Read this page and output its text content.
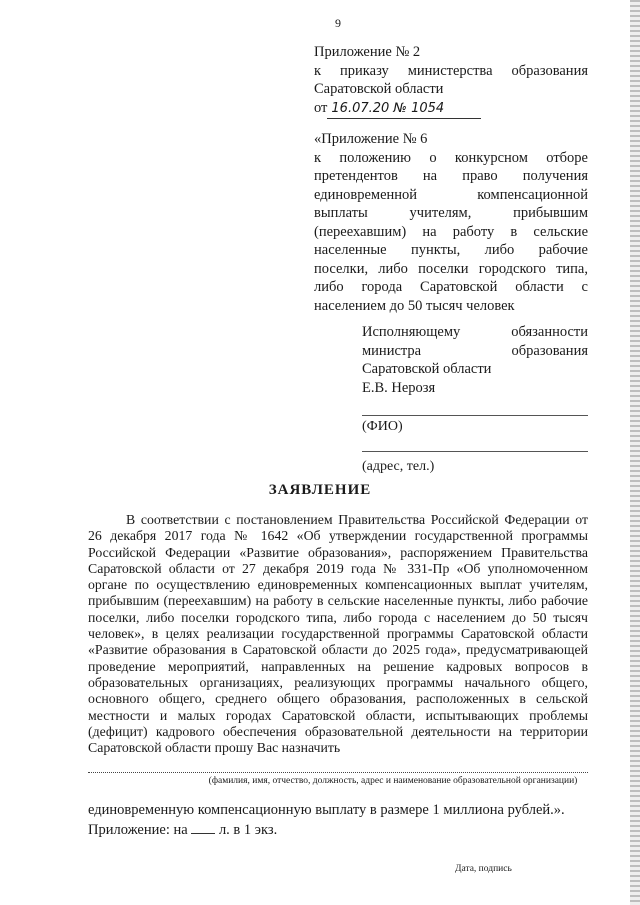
9
Приложение № 2
к приказу министерства образования
Саратовской области
от 16.07.20 № 1054
«Приложение № 6
к положению о конкурсном отборе
претендентов на право получения
единовременной компенсационной
выплаты учителям, прибывшим
(переехавшим) на работу в сельские
населенные пункты, либо рабочие
поселки, либо поселки городского типа,
либо города Саратовской области с
населением до 50 тысяч человек
Исполняющему обязанности
министра образования
Саратовской области
Е.В. Нерозя
(ФИО)
(адрес, тел.)
ЗАЯВЛЕНИЕ

В соответствии с постановлением Правительства Российской Федерации от 26 декабря 2017 года № 1642 «Об утверждении государственной программы Российской Федерации «Развитие образования», распоряжением Правительства Саратовской области от 27 декабря 2019 года № 331-Пр «Об уполномоченном органе по осуществлению единовременных компенсационных выплат учителям, прибывшим (переехавшим) на работу в сельские населенные пункты, либо рабочие поселки, либо поселки городского типа, либо города с населением до 50 тысяч человек», в целях реализации государственной программы Саратовской области «Развитие образования в Саратовской области до 2025 года», предусматривающей проведение мероприятий, направленных на решение кадровых вопросов в образовательных организациях, реализующих программы начального общего, основного общего, среднего общего образования, расположенных в сельской местности и малых городах Саратовской области, испытывающих проблемы (дефицит) кадрового обеспечения образовательной деятельности на территории Саратовской области прошу Вас назначить

(фамилия, имя, отчество, должность, адрес и наименование образовательной организации)
единовременную компенсационную выплату в размере 1 миллиона рублей.».
Приложение: на л. в 1 экз.
Дата, подпись
